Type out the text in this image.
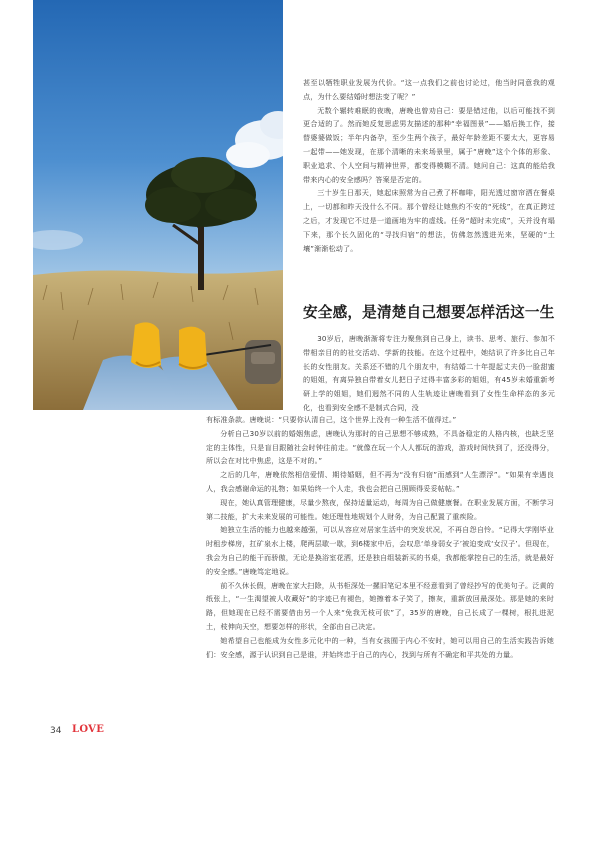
甚至以牺牲职业发展为代价。“这一点我们之前也讨论过，他当时同意我的观点，为什么要结婚时想法变了呢？”

无数个辗转难眠的夜晚，唐晚也曾劝自己：要是错过他，以后可能找不到更合适的了。然而她反复思虑男友描述的那种“幸福图景”——婚后换工作，接替婆婆做饭；半年内备孕，至少生两个孩子，最好年龄差距不要太大，更容易一起带——她发现，在那个清晰的未来场景里，属于“唐晚”这个个体的形象、职业追求、个人空间与精神世界，都变得模糊不清。她问自己：这真的能给我带来内心的安全感吗？答案是否定的。

三十岁生日那天，她起床照常为自己煮了杯咖啡，阳光透过窗帘洒在餐桌上，一切都和昨天没什么不同。那个曾经让她焦灼不安的“死线”，在真正跨过之后，才发现它不过是一道画地为牢的虚线。任务“超时未完成”，天并没有塌下来，那个长久固化的“寻找归宿”的想法，仿佛忽然透进光来，坚硬的“土壤”渐渐松动了。

安全感，是清楚自己想要怎样活这一生

30岁后，唐晚渐渐将专注力聚焦到自己身上，读书、思考、旅行、参加不带相亲目的的社交活动、学新的技能。在这个过程中，她结识了许多比自己年长的女性朋友。关系还不错的几个朋友中，有结婚二十年提起丈夫仍一脸甜蜜的姐姐，有离异独自带着女儿把日子过得丰富多彩的姐姐，有45岁未婚重新考研上学的姐姐，她们迥然不同的人生轨迹让唐晚看到了女性生命样态的多元化，也看到安全感不是制式合同，没

有标准条款。唐晚说：“只要你认清自己，这个世界上没有一种生活不值得过。”

分析自己30岁以前的婚姻焦虑，唐晚认为那时的自己思想不够成熟，不具备稳定的人格内核，也缺乏坚定的主体性，只是盲目跟随社会时钟往前走。“就像在玩一个人人都玩的游戏，游戏时间快到了，还没得分，所以会在对比中焦虑，这是不对的。”

之后的几年，唐晚依然相信爱情、期待婚姻，但不再为“没有归宿”而感到“人生漂浮”。“如果有幸遇良人，我会感谢命运的礼物；如果始终一个人走，我也会把自己照顾得妥妥帖帖。”

现在，她认真管理健康，尽量少熬夜，保持适量运动，每周为自己做健康餐。在职业发展方面，不断学习第二技能，扩大未来发展的可能性。她还理性地规划个人财务，为自己配置了重疾险。

她独立生活的能力也越来越强，可以从容应对居家生活中的突发状况，不再自怨自怜。“记得大学刚毕业时租步梯房，扛矿泉水上楼，爬两层歇一歇，到6楼家中后，会叹息‘单身弱女子’被迫变成‘女汉子’。但现在，我会为自己的能干而骄傲，无论是换浴室花洒，还是独自组装新买的书桌，我都能掌控自己的生活，就是最好的安全感。”唐晚笃定地说。

前不久休长假，唐晚在家大扫除，从书柜深处一摞旧笔记本里不经意看到了曾经抄写的优美句子。泛黄的纸张上，“一生渴望被人收藏好”的字迹已有褪色，她擦着本子笑了，擦灰，重新放回最深处。那是她的来时路，但她现在已经不需要借由另一个人来“免我无枝可依”了，35岁的唐晚，自己长成了一棵树，根扎进泥土，枝伸向天空，想要怎样的形状，全部由自己决定。

她希望自己也能成为女性多元化中的一种，当有女孩囿于内心不安时，她可以用自己的生活实践告诉她们：安全感，源于认识到自己是谁，并始终忠于自己的内心，找到与所有不确定和平共处的力量。

34 LOVE
